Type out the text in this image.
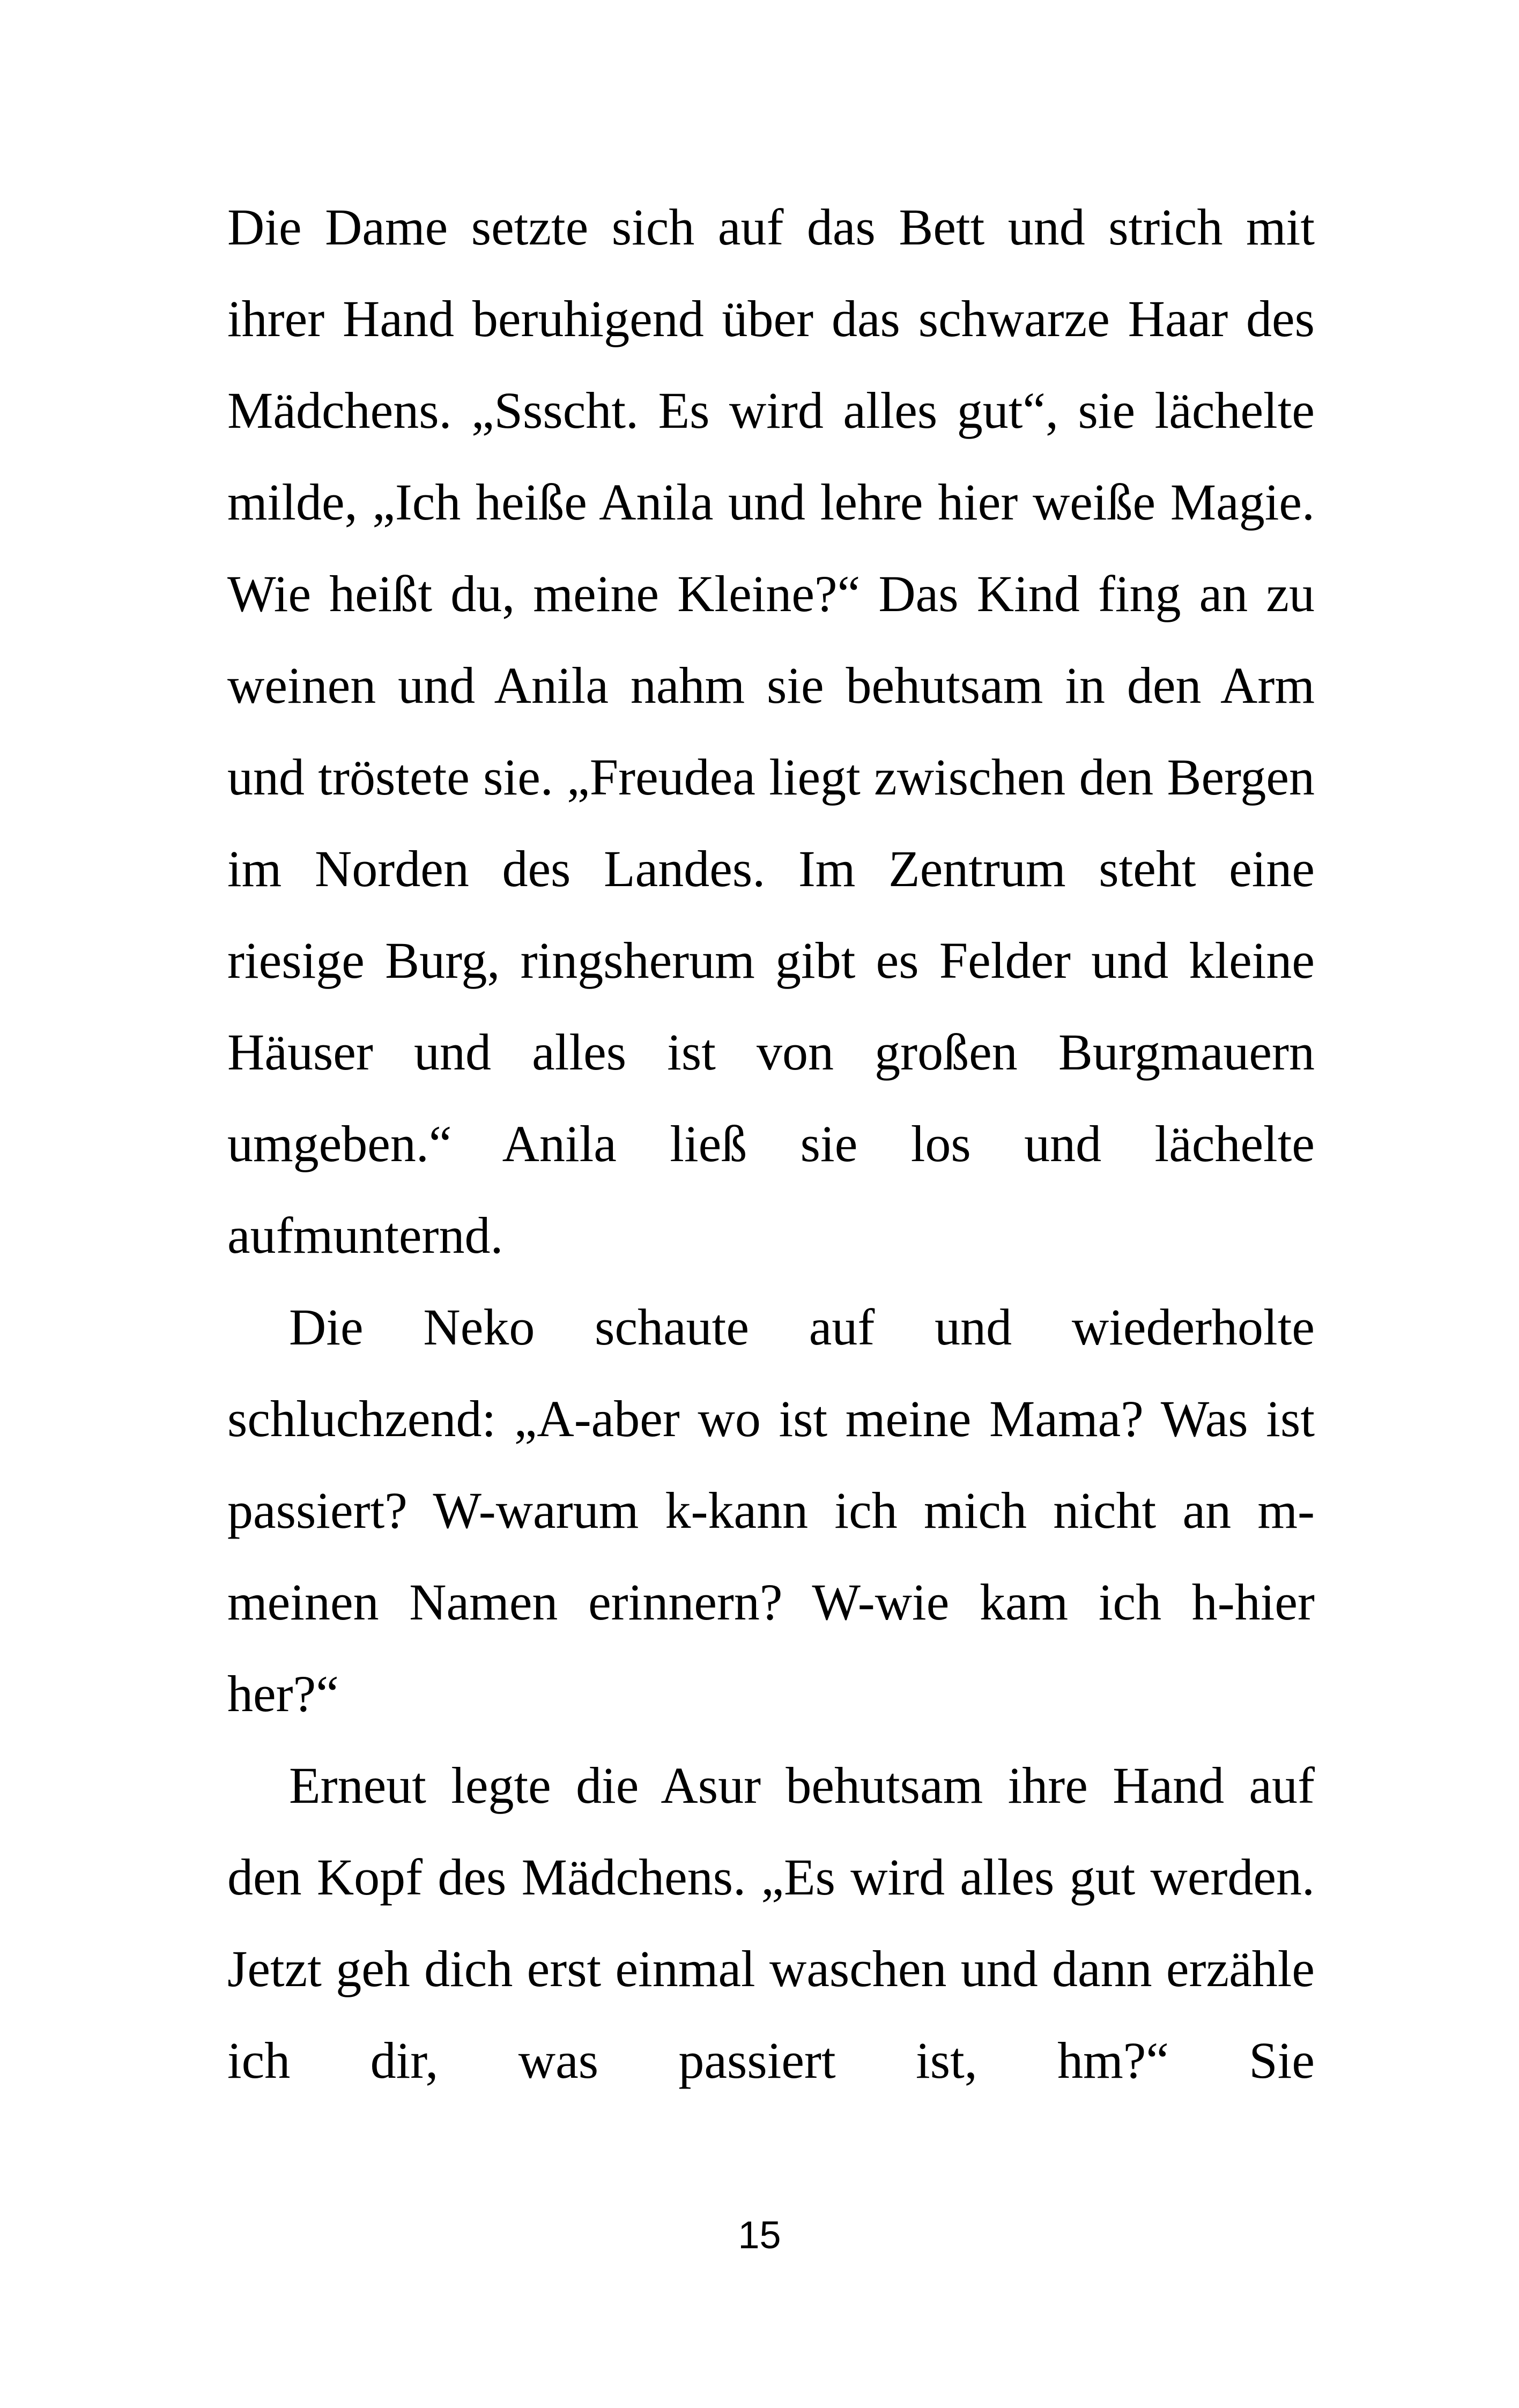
Die Dame setzte sich auf das Bett und strich mit ihrer Hand beruhigend über das schwarze Haar des Mädchens. „Ssscht. Es wird alles gut“, sie lächelte milde, „Ich heiße Anila und lehre hier weiße Magie. Wie heißt du, meine Kleine?“ Das Kind fing an zu weinen und Anila nahm sie behutsam in den Arm und tröstete sie. „Freudea liegt zwischen den Bergen im Norden des Landes. Im Zentrum steht eine riesige Burg, ringsherum gibt es Felder und kleine Häuser und alles ist von großen Burgmauern umgeben.“ Anila ließ sie los und lächelte aufmunternd.

Die Neko schaute auf und wiederholte schluchzend: „A-aber wo ist meine Mama? Was ist passiert? W-warum k-kann ich mich nicht an m-meinen Namen erinnern? W-wie kam ich h-hier her?“

Erneut legte die Asur behutsam ihre Hand auf den Kopf des Mädchens. „Es wird alles gut werden. Jetzt geh dich erst einmal waschen und dann erzähle ich dir, was passiert ist, hm?“ Sie

15
